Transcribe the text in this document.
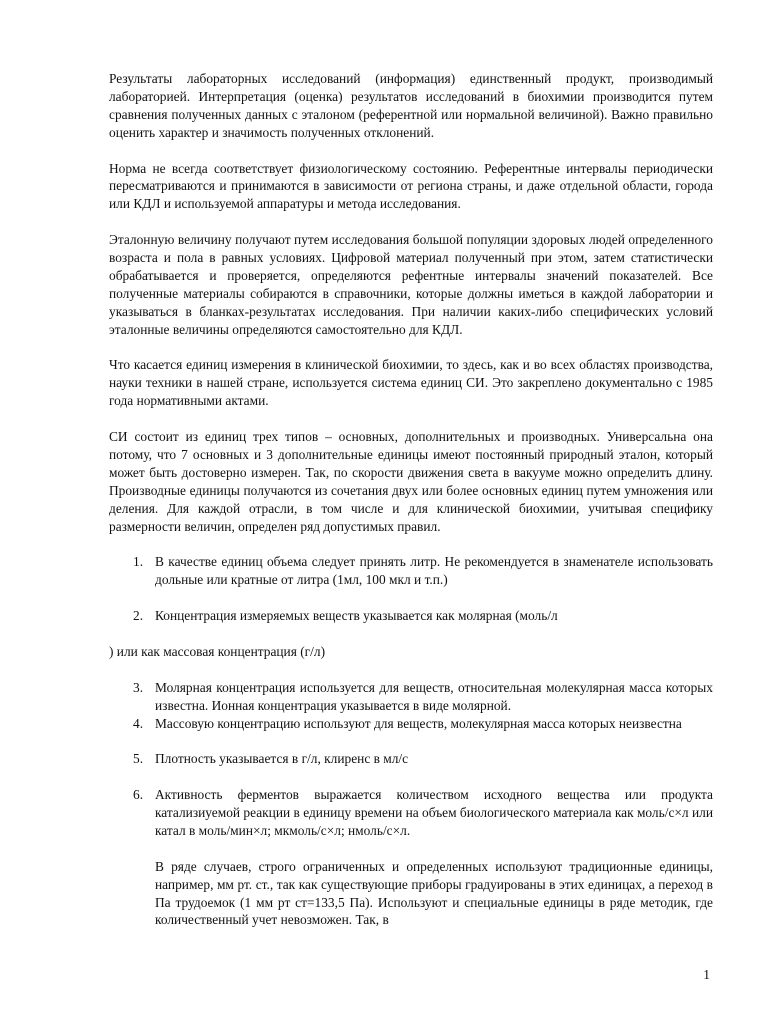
Результаты лабораторных исследований (информация) единственный продукт, производимый лабораторией. Интерпретация (оценка) результатов исследований в биохимии производится путем сравнения полученных данных с эталоном (референтной или нормальной величиной). Важно правильно оценить характер и значимость полученных отклонений.

Норма не всегда соответствует физиологическому состоянию. Референтные интервалы периодически пересматриваются и принимаются в зависимости от региона страны, и даже отдельной области, города или КДЛ и используемой аппаратуры и метода исследования.

Эталонную величину получают путем исследования большой популяции здоровых людей определенного возраста и пола в равных условиях. Цифровой материал полученный при этом, затем статистически обрабатывается и проверяется, определяются рефентные интервалы значений показателей. Все полученные материалы собираются в справочники, которые должны иметься в каждой лаборатории и указываться в бланках-результатах исследования. При наличии каких-либо специфических условий эталонные величины определяются самостоятельно для КДЛ.

Что касается единиц измерения в клинической биохимии, то здесь, как и во всех областях производства, науки техники в нашей стране, используется система единиц СИ. Это закреплено документально с 1985 года нормативными актами.

СИ состоит из единиц трех типов – основных, дополнительных и производных. Универсальна она потому, что 7 основных и 3 дополнительные единицы имеют постоянный природный эталон, который может быть достоверно измерен. Так, по скорости движения света в вакууме можно определить длину. Производные единицы получаются из сочетания двух или более основных единиц путем умножения или деления. Для каждой отрасли, в том числе и для клинической биохимии, учитывая специфику размерности величин, определен ряд допустимых правил.

1. В качестве единиц объема следует принять литр. Не рекомендуется в знаменателе использовать дольные или кратные от литра (1мл, 100 мкл и т.п.)
2. Концентрация измеряемых веществ указывается как молярная (моль/л

) или как массовая концентрация (г/л)

3. Молярная концентрация используется для веществ, относительная молекулярная масса которых известна. Ионная концентрация указывается в виде молярной.
4. Массовую концентрацию используют для веществ, молекулярная масса которых неизвестна
5. Плотность указывается в г/л, клиренс в мл/с
6. Активность ферментов выражается количеством исходного вещества или продукта катализиуемой реакции в единицу времени на объем биологического материала как моль/с×л или катал в моль/мин×л; мкмоль/с×л; нмоль/с×л.

В ряде случаев, строго ограниченных и определенных используют традиционные единицы, например, мм рт. ст., так как существующие приборы градуированы в этих единицах, а переход в Па трудоемок (1 мм рт ст=133,5 Па). Используют и специальные единицы в ряде методик, где количественный учет невозможен. Так, в

1
